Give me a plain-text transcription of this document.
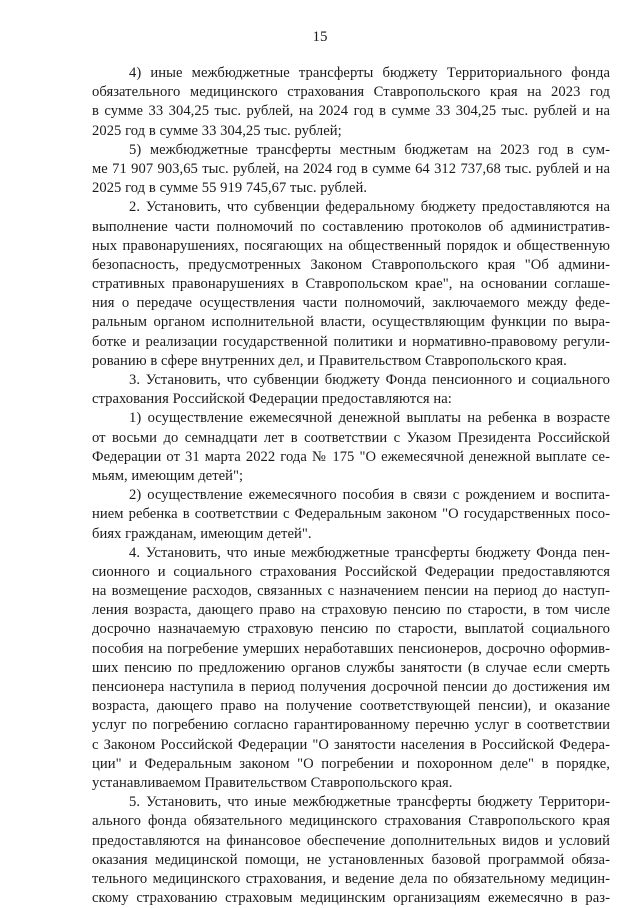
15
4) иные межбюджетные трансферты бюджету Территориального фонда
обязательного медицинского страхования Ставропольского края на 2023 год
в сумме 33 304,25 тыс. рублей, на 2024 год в сумме 33 304,25 тыс. рублей и на
2025 год в сумме 33 304,25 тыс. рублей;
5) межбюджетные трансферты местным бюджетам на 2023 год в сум-
ме 71 907 903,65 тыс. рублей, на 2024 год в сумме 64 312 737,68 тыс. рублей и на
2025 год в сумме 55 919 745,67 тыс. рублей.
2. Установить, что субвенции федеральному бюджету предоставляются на
выполнение части полномочий по составлению протоколов об административ-
ных правонарушениях, посягающих на общественный порядок и общественную
безопасность, предусмотренных Законом Ставропольского края "Об админи-
стративных правонарушениях в Ставропольском крае", на основании соглаше-
ния о передаче осуществления части полномочий, заключаемого между феде-
ральным органом исполнительной власти, осуществляющим функции по выра-
ботке и реализации государственной политики и нормативно-правовому регули-
рованию в сфере внутренних дел, и Правительством Ставропольского края.
3. Установить, что субвенции бюджету Фонда пенсионного и социального
страхования Российской Федерации предоставляются на:
1) осуществление ежемесячной денежной выплаты на ребенка в возрасте
от восьми до семнадцати лет в соответствии с Указом Президента Российской
Федерации от 31 марта 2022 года № 175 "О ежемесячной денежной выплате се-
мьям, имеющим детей";
2) осуществление ежемесячного пособия в связи с рождением и воспита-
нием ребенка в соответствии с Федеральным законом "О государственных посо-
биях гражданам, имеющим детей".
4. Установить, что иные межбюджетные трансферты бюджету Фонда пен-
сионного и социального страхования Российской Федерации предоставляются
на возмещение расходов, связанных с назначением пенсии на период до наступ-
ления возраста, дающего право на страховую пенсию по старости, в том числе
досрочно назначаемую страховую пенсию по старости, выплатой социального
пособия на погребение умерших неработавших пенсионеров, досрочно оформив-
ших пенсию по предложению органов службы занятости (в случае если смерть
пенсионера наступила в период получения досрочной пенсии до достижения им
возраста, дающего право на получение соответствующей пенсии), и оказание
услуг по погребению согласно гарантированному перечню услуг в соответствии
с Законом Российской Федерации "О занятости населения в Российской Федера-
ции" и Федеральным законом "О погребении и похоронном деле" в порядке,
устанавливаемом Правительством Ставропольского края.
5. Установить, что иные межбюджетные трансферты бюджету Территори-
ального фонда обязательного медицинского страхования Ставропольского края
предоставляются на финансовое обеспечение дополнительных видов и условий
оказания медицинской помощи, не установленных базовой программой обяза-
тельного медицинского страхования, и ведение дела по обязательному медицин-
скому страхованию страховым медицинским организациям ежемесячно в раз-
